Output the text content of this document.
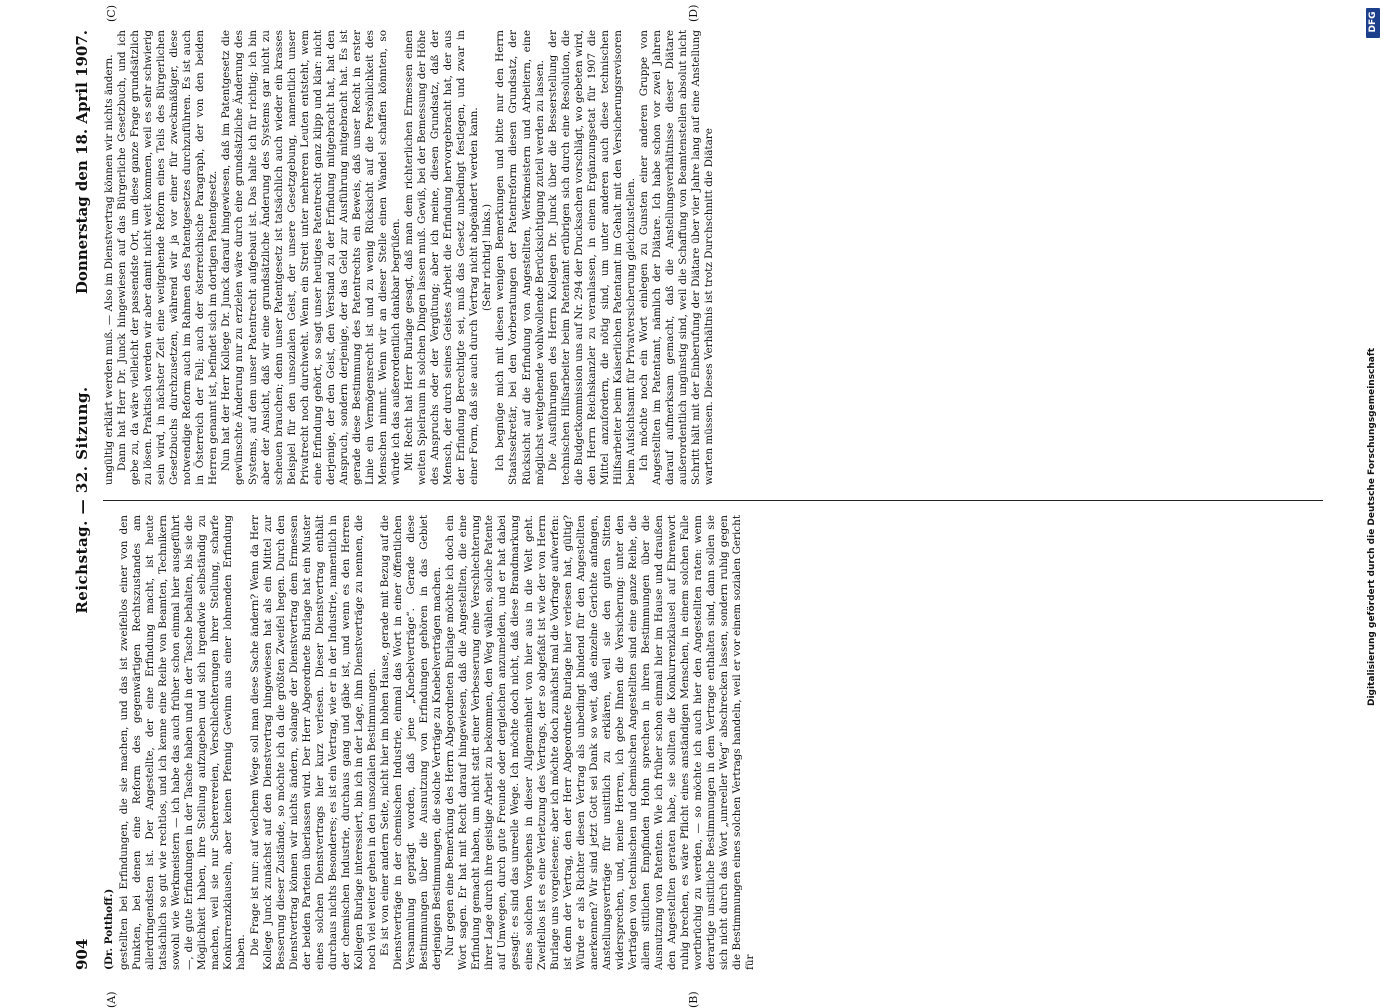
904
Reichstag. — 32. Sitzung.
Donnerstag den 18. April 1907.
(A)	(B)
(C)	(D)
(Dr. Potthoff.) gestellten bei Erfindungen, die sie machen, und das ist zweifellos einer von den Punkten, bei denen eine Reform des gegenwärtigen Rechtszustandes am allerdringendsten ist. Der Angestellte, der eine Erfindung macht, ist heute tatsächlich so gut wie rechtlos, und ich kenne eine Reihe von Beamten, Technikern sowohl wie Werkmeistern — ich habe das auch früher schon einmal hier ausgeführt —, die gute Erfindungen in der Tasche haben und in der Tasche behalten, bis sie die Möglichkeit haben, ihre Stellung aufzugeben und sich irgendwie selbständig zu machen, weil sie nur Schererereien, Verschlechterungen ihrer Stellung, scharfe Konkurrenzklauseln, aber keinen Pfennig Gewinn aus einer lohnenden Erfindung haben. Die Frage ist nur: auf welchem Wege soll man diese Sache ändern? Wenn da Herr Kollege Junck zunächst auf den Dienstvertrag hingewiesen hat als ein Mittel zur Besserung dieser Zustände, so möchte ich da die größten Zweifel hegen. Durch den Dienstvertrag können wir nichts ändern, solange der Dienstvertrag dem Ermessen der beiden Parteien überlassen wird. Der Herr Abgeordnete Burlage hat ein Muster eines solchen Dienstvertrags hier kurz verlesen. Dieser Dienstvertrag enthält durchaus nichts Besonderes; es ist ein Vertrag, wie er in der Industrie, namentlich in der chemischen Industrie, durchaus gang und gäbe ist, und wenn es den Herren Kollegen Burlage interessiert, bin ich in der Lage, ihm Dienstverträge zu nennen, die noch viel weiter gehen in den unsozialen Bestimmungen. Es ist von einer andern Seite, nicht hier im hohen Hause, gerade mit Bezug auf die Dienstverträge in der chemischen Industrie, einmal das Wort in einer öffentlichen Versammlung geprägt worden, daß jene „Knebelverträge“. Gerade diese Bestimmungen über die Ausnutzung von Erfindungen gehören in das Gebiet derjenigen Bestimmungen, die solche Verträge zu Knebelverträgen machen. Nur gegen eine Bemerkung des Herrn Abgeordneten Burlage möchte ich doch ein Wort sagen. Er hat mit Recht darauf hingewiesen, daß die Angestellten, die eine Erfindung gemacht haben, um nicht statt einer Verbesserung eine Verschlechterung ihrer Lage durch ihre geistige Arbeit zu bekommen, den Weg wählen, solche Patente auf Umwegen, durch gute Freunde oder dergleichen anzumelden, und er hat dabei gesagt: es sind das unreelle Wege. Ich möchte doch nicht, daß diese Brandmarkung eines solchen Vorgehens in dieser Allgemeinheit von hier aus in die Welt geht. Zweifellos ist es eine Verletzung des Vertrags, der so abgefaßt ist wie der von Herrn Burlage uns vorgelesene; aber ich möchte doch zunächst mal die Vorfrage aufwerfen: ist denn der Vertrag, den der Herr Abgeordnete Burlage hier verlesen hat, gültig? Würde er als Richter diesen Vertrag als unbedingt bindend für den Angestellten anerkennen? Wir sind jetzt Gott sei Dank so weit, daß einzelne Gerichte anfangen, Anstellungsverträge für unsittlich zu erklären, weil sie den guten Sitten widersprechen, und, meine Herren, ich gebe Ihnen die Versicherung: unter den Verträgen von technischen und chemischen Angestellten sind eine ganze Reihe, die allem sittlichen Empfinden Hohn sprechen in ihren Bestimmungen über die Ausnutzung von Patenten. Wie ich früher schon einmal hier im Hause und draußen den Angestellten geraten habe, sie sollten die Konkurrenzklausel auf Ehrenwort ruhig brechen, es wäre Pflicht eines anständigen Menschen, in einem solchen Falle wortbrüchig zu werden, — so möchte ich auch hier den Angestellten raten: wenn derartige unsittliche Bestimmungen in dem Vertrage enthalten sind, dann sollen sie sich nicht durch das Wort „unreeller Weg“ abschrecken lassen, sondern ruhig gegen die Bestimmungen eines solchen Vertrags handeln, weil er vor einem sozialen Gericht für

ungültig erklärt werden muß. — Also im Dienstvertrag können wir nichts ändern. Dann hat Herr Dr. Junck hingewiesen auf das Bürgerliche Gesetzbuch, und ich gebe zu, da wäre vielleicht der passendste Ort, um diese ganze Frage grundsätzlich zu lösen. Praktisch werden wir aber damit nicht weit kommen, weil es sehr schwierig sein wird, in nächster Zeit eine weitgehende Reform eines Teils des Bürgerlichen Gesetzbuchs durchzusetzen, während wir ja vor einer für zweckmäßiger, diese notwendige Reform auch im Rahmen des Patentgesetzes durchzuführen. Es ist auch in Österreich der Fall; auch der österreichische Paragraph, der von den beiden Herren genannt ist, befindet sich im dortigen Patentgesetz. Nun hat der Herr Kollege Dr. Junck darauf hingewiesen, daß im Patentgesetz die gewünschte Änderung nur zu erzielen wäre durch eine grundsätzliche Änderung des Systems, auf dem unser Patentrecht aufgebaut ist. Das halte ich für richtig; ich bin aber der Ansicht, daß wir eine grundsätzliche Änderung des Systems gar nicht zu scheuen brauchen; denn unser Patentgesetz ist tatsächlich auch wieder ein krasses Beispiel für den unsozialen Geist, der unsere Gesetzgebung, namentlich unser Privatrecht noch durchweht. Wenn ein Streit unter mehreren Leuten entsteht, wem eine Erfindung gehört, so sagt unser heutiges Patentrecht ganz klipp und klar: nicht derjenige, der den Geist, den Verstand zu der Erfindung mitgebracht hat, hat den Anspruch, sondern derjenige, der das Geld zur Ausführung mitgebracht hat. Es ist gerade diese Bestimmung des Patentrechts ein Beweis, daß unser Recht in erster Linie ein Vermögensrecht ist und zu wenig Rücksicht auf die Persönlichkeit des Menschen nimmt. Wenn wir an dieser Stelle einen Wandel schaffen könnten, so würde ich das außerordentlich dankbar begrüßen. Mit Recht hat Herr Burlage gesagt, daß man dem richterlichen Ermessen einen weiten Spielraum in solchen Dingen lassen muß. Gewiß, bei der Bemessung der Höhe des Anspruchs oder der Vergütung; aber ich meine, diesen Grundsatz, daß der Mensch, der durch seines Geistes Arbeit die Erfindung hervorgebracht hat, der aus der Erfindung Berechtigte sei, muß das Gesetz unbedingt festlegen, und zwar in einer Form, daß sie auch durch Vertrag nicht abgeändert werden kann. (Sehr richtig! links.) Ich begnüge mich mit diesen wenigen Bemerkungen und bitte nur den Herrn Staatssekretär, bei den Vorberatungen der Patentreform diesen Grundsatz, der Rücksicht auf die Erfindung von Angestellten, Werkmeistern und Arbeitern, eine möglichst weitgehende wohlwollende Berücksichtigung zuteil werden zu lassen. Die Ausführungen des Herrn Kollegen Dr. Junck über die Besserstellung der technischen Hilfsarbeiter beim Patentamt erübrigen sich durch eine Resolution, die die Budgetkommission uns auf Nr. 294 der Drucksachen vorschlägt, wo gebeten wird, den Herrn Reichskanzler zu veranlassen, in einem Ergänzungsetat für 1907 die Mittel anzufordern, die nötig sind, um unter anderen auch diese technischen Hilfsarbeiter beim Kaiserlichen Patentamt im Gehalt mit den Versicherungsrevisoren beim Aufsichtsamt für Privatversicherung gleichzustellen. Ich möchte noch ein Wort einlegen zu Gunsten einer anderen Gruppe von Angestellten im Patentamt, nämlich der Diätare. Ich habe schon vor zwei Jahren darauf aufmerksam gemacht, daß die Anstellungsverhältnisse dieser Diätare außerordentlich ungünstig sind, weil die Schaffung von Beamtenstellen absolut nicht Schritt hält mit der Einberufung der Diätare über vier Jahre lang auf eine Anstellung warten müssen. Dieses Verhältnis ist trotz Durchschnitt die Diätare

DFG
Digitalisierung gefördert durch die Deutsche Forschungsgemeinschaft
